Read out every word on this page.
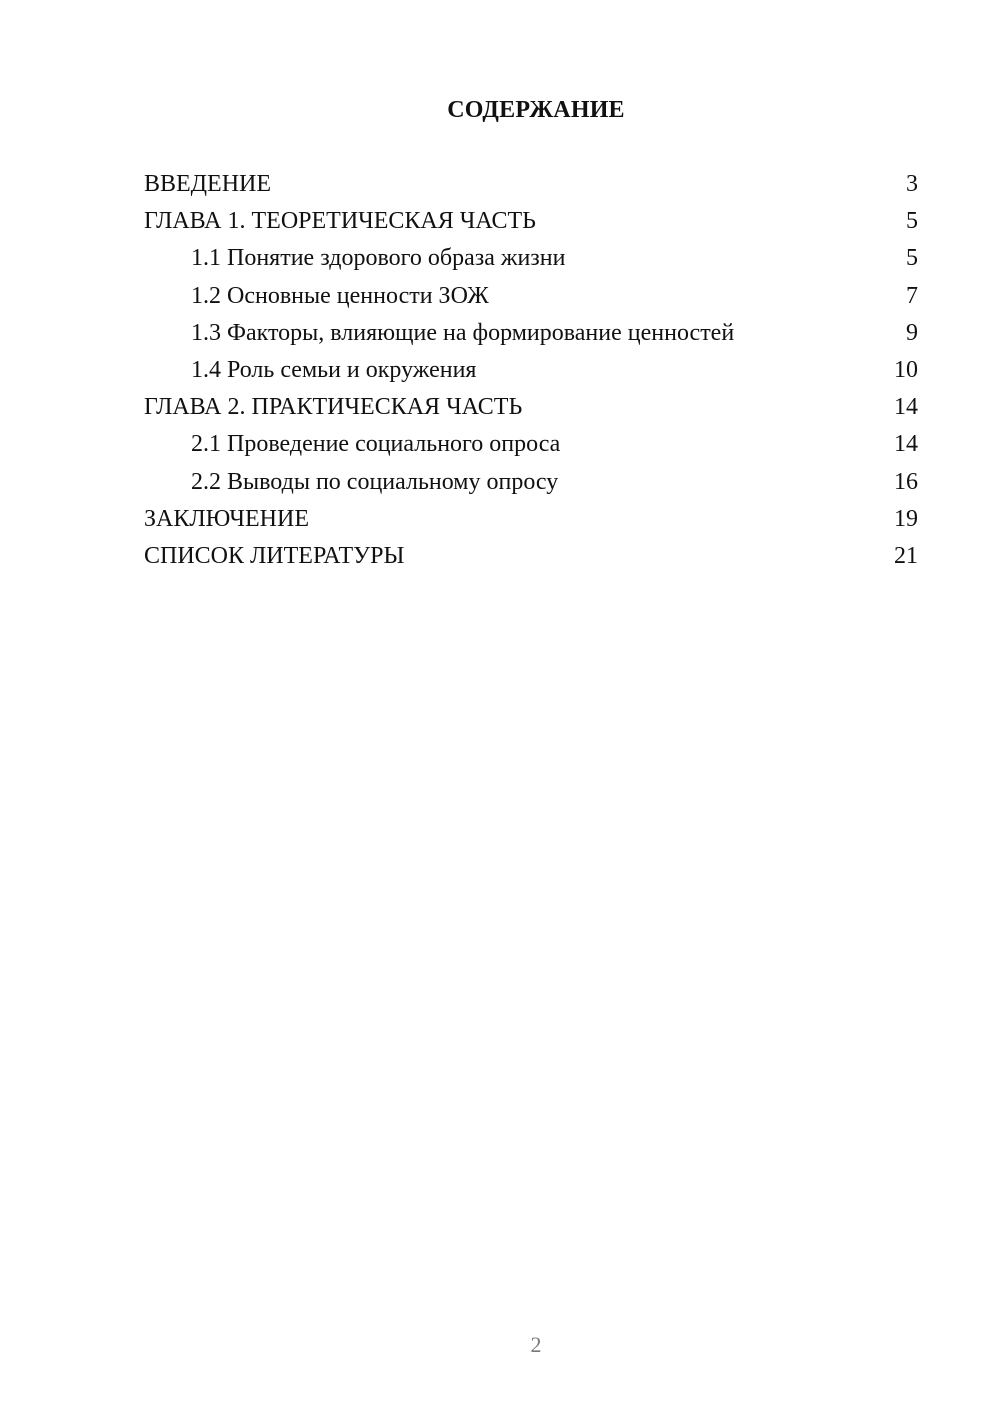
СОДЕРЖАНИЕ
ВВЕДЕНИЕ	3
ГЛАВА 1. ТЕОРЕТИЧЕСКАЯ ЧАСТЬ	5
1.1 Понятие здорового образа жизни	5
1.2 Основные ценности ЗОЖ	7
1.3 Факторы, влияющие на формирование ценностей	9
1.4 Роль семьи и окружения	10
ГЛАВА 2. ПРАКТИЧЕСКАЯ ЧАСТЬ	14
2.1 Проведение социального опроса	14
2.2 Выводы по социальному опросу	16
ЗАКЛЮЧЕНИЕ	19
СПИСОК ЛИТЕРАТУРЫ	21
2
